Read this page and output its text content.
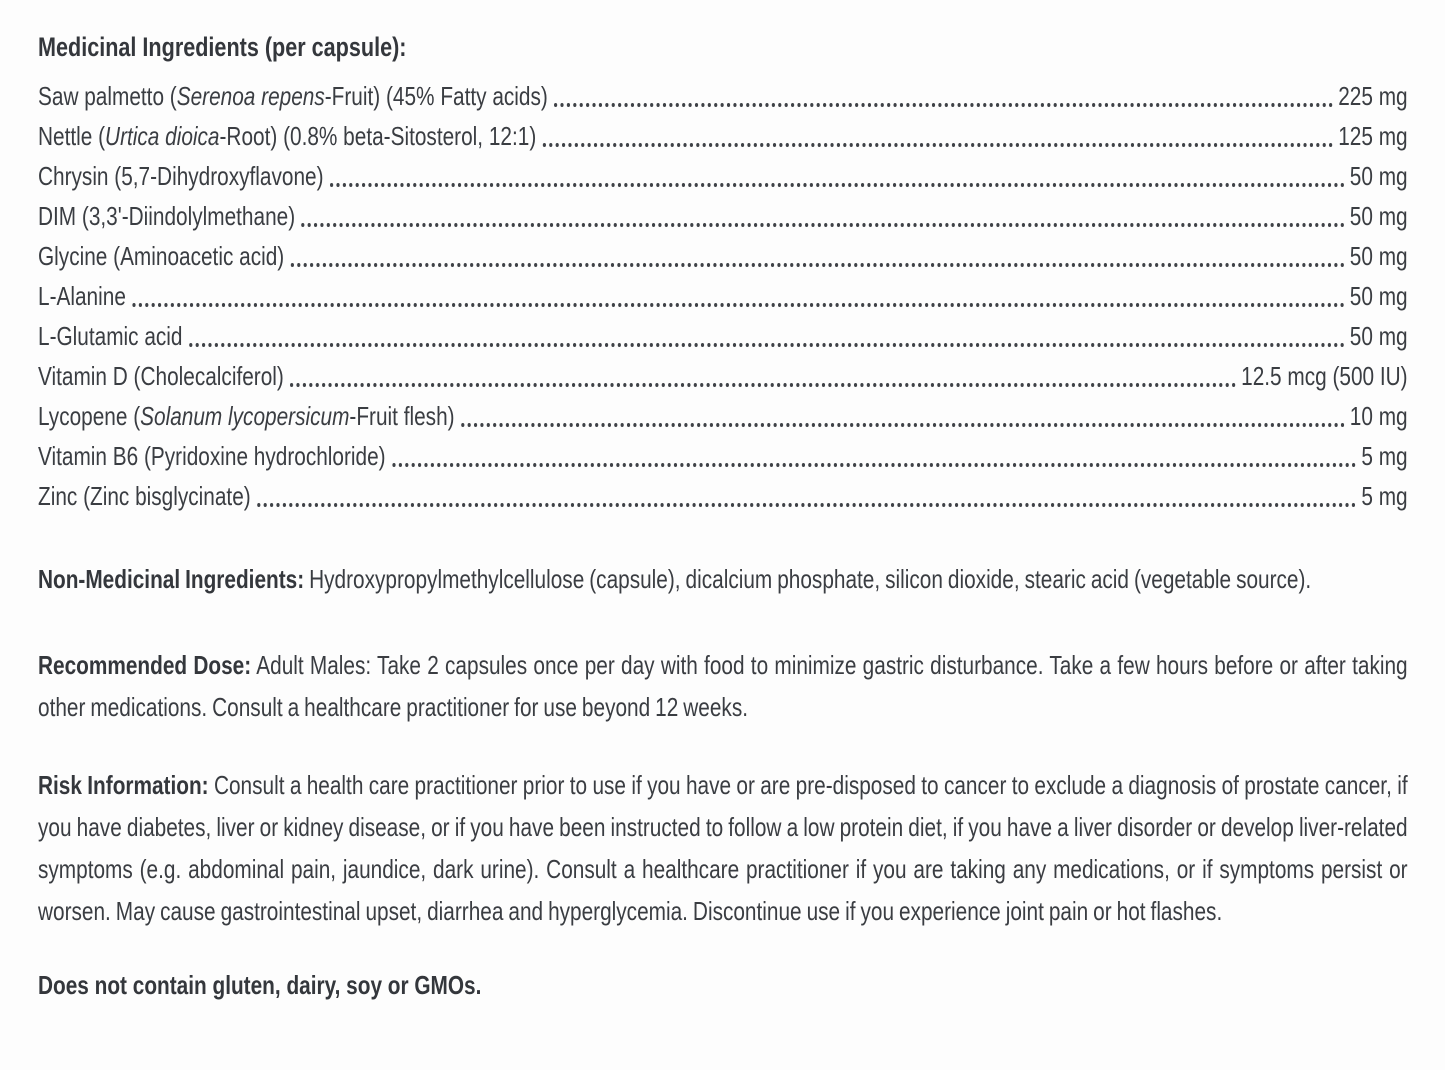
Medicinal Ingredients (per capsule):
Saw palmetto (Serenoa repens-Fruit) (45% Fatty acids)	225 mg
Nettle (Urtica dioica-Root) (0.8% beta-Sitosterol, 12:1)	125 mg
Chrysin (5,7-Dihydroxyflavone)	50 mg
DIM (3,3'-Diindolylmethane)	50 mg
Glycine (Aminoacetic acid)	50 mg
L-Alanine	50 mg
L-Glutamic acid	50 mg
Vitamin D (Cholecalciferol)	12.5 mcg (500 IU)
Lycopene (Solanum lycopersicum-Fruit flesh)	10 mg
Vitamin B6 (Pyridoxine hydrochloride)	5 mg
Zinc (Zinc bisglycinate)	5 mg

Non-Medicinal Ingredients: Hydroxypropylmethylcellulose (capsule), dicalcium phosphate, silicon dioxide, stearic acid (vegetable source).

Recommended Dose: Adult Males: Take 2 capsules once per day with food to minimize gastric disturbance. Take a few hours before or after taking other medications. Consult a healthcare practitioner for use beyond 12 weeks.

Risk Information: Consult a health care practitioner prior to use if you have or are pre-disposed to cancer to exclude a diagnosis of prostate cancer, if you have diabetes, liver or kidney disease, or if you have been instructed to follow a low protein diet, if you have a liver disorder or develop liver-related symptoms (e.g. abdominal pain, jaundice, dark urine). Consult a healthcare practitioner if you are taking any medications, or if symptoms persist or worsen. May cause gastrointestinal upset, diarrhea and hyperglycemia. Discontinue use if you experience joint pain or hot flashes.

Does not contain gluten, dairy, soy or GMOs.
